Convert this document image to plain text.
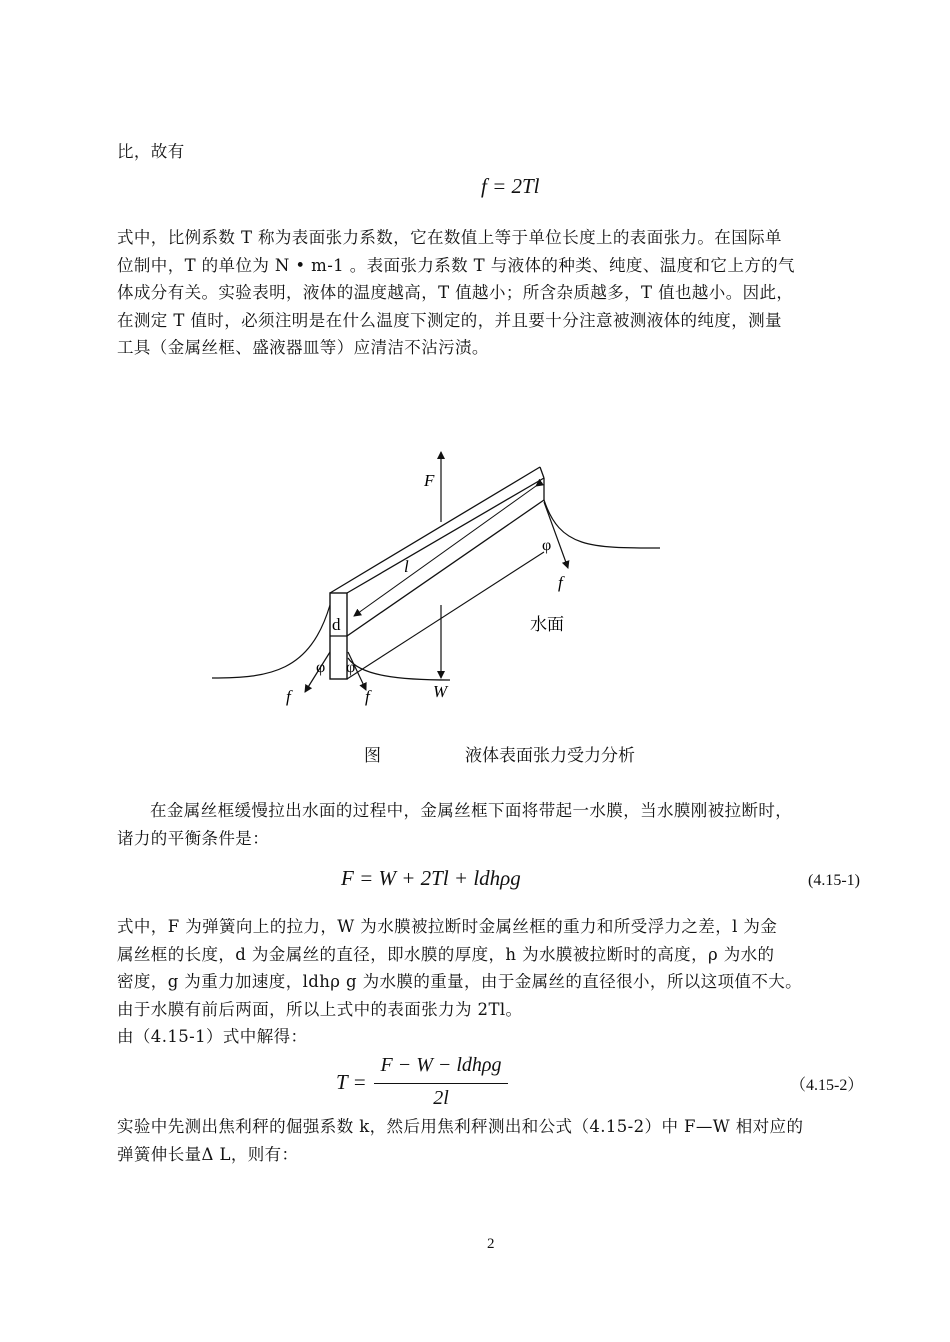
比，故有
f = 2Tl
式中，比例系数 T 称为表面张力系数，它在数值上等于单位长度上的表面张力。在国际单
位制中，T 的单位为 N • m-1 。表面张力系数 T 与液体的种类、纯度、温度和它上方的气
体成分有关。实验表明，液体的温度越高，T 值越小；所含杂质越多，T 值也越小。因此，
在测定 T 值时，必须注明是在什么温度下测定的，并且要十分注意被测液体的纯度，测量
工具（金属丝框、盛液器皿等）应清洁不沾污渍。
F
l
d
W
φ
φ φ
f
f	f
水面
图	液体表面张力受力分析
在金属丝框缓慢拉出水面的过程中，金属丝框下面将带起一水膜，当水膜刚被拉断时，
诸力的平衡条件是：
F = W + 2Tl + ldhρg	(4.15-1)
式中，F 为弹簧向上的拉力，W 为水膜被拉断时金属丝框的重力和所受浮力之差，l 为金
属丝框的长度，d 为金属丝的直径，即水膜的厚度，h 为水膜被拉断时的高度，ρ 为水的
密度，g 为重力加速度，ldhρ g 为水膜的重量，由于金属丝的直径很小，所以这项值不大。
由于水膜有前后两面，所以上式中的表面张力为 2Tl。
由（4.15-1）式中解得：
T =
F − W − ldhρg
2l
（4.15-2）
实验中先测出焦利秤的倔强系数 k，然后用焦利秤测出和公式（4.15-2）中 F—W 相对应的
弹簧伸长量Δ L，则有：
2
